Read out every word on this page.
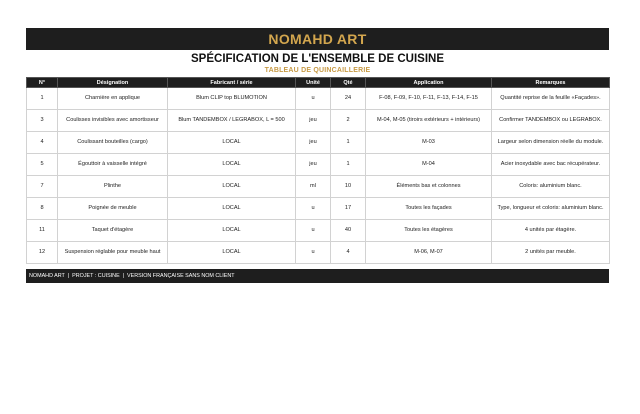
NOMAHD ART
SPÉCIFICATION DE L'ENSEMBLE DE CUISINE
TABLEAU DE QUINCAILLERIE
N°	Désignation	Fabricant / série	Unité	Qté	Application	Remarques
1	Charnière en applique	Blum CLIP top BLUMOTION	u	24	F-08, F-09, F-10, F-11, F-13, F-14, F-15	Quantité reprise de la feuille «Façades».
3	Coulisses invisibles avec amortisseur	Blum TANDEMBOX / LEGRABOX, L = 500	jeu	2	M-04, M-05 (tiroirs extérieurs + intérieurs)	Confirmer TANDEMBOX ou LEGRABOX.
4	Coulissant bouteilles (cargo)	LOCAL	jeu	1	M-03	Largeur selon dimension réelle du module.
5	Égouttoir à vaisselle intégré	LOCAL	jeu	1	M-04	Acier inoxydable avec bac récupérateur.
7	Plinthe	LOCAL	ml	10	Éléments bas et colonnes	Coloris: aluminium blanc.
8	Poignée de meuble	LOCAL	u	17	Toutes les façades	Type, longueur et coloris: aluminium blanc.
11	Taquet d'étagère	LOCAL	u	40	Toutes les étagères	4 unités par étagère.
12	Suspension réglable pour meuble haut	LOCAL	u	4	M-06, M-07	2 unités par meuble.
NOMAHD ART  |  PROJET : CUISINE  |  VERSION FRANÇAISE SANS NOM CLIENT
